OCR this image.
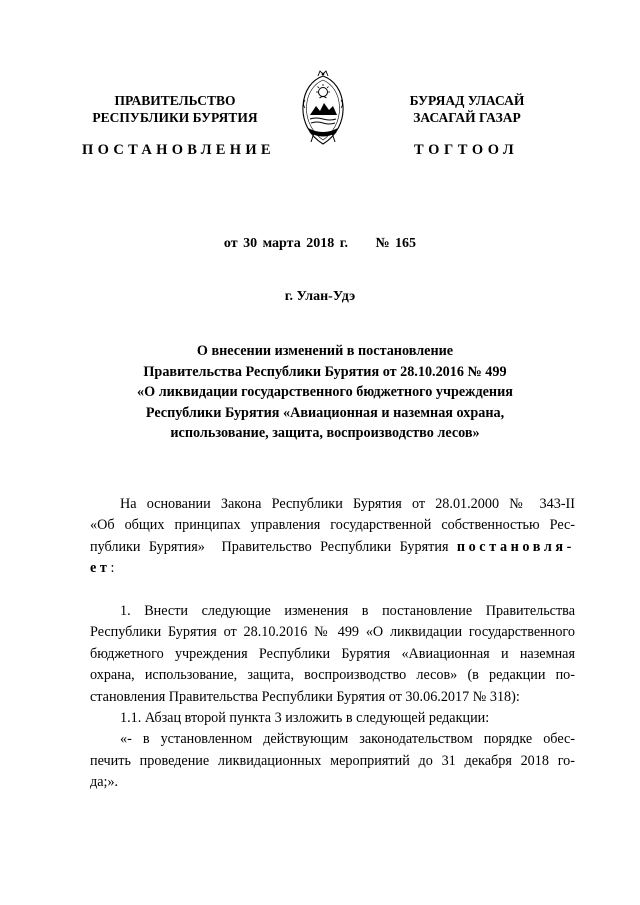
ПРАВИТЕЛЬСТВО
РЕСПУБЛИКИ БУРЯТИЯ
БУРЯАД УЛАСАЙ
ЗАСАГАЙ ГАЗАР
ПОСТАНОВЛЕНИЕ	ТОГТООЛ
от 30 марта 2018 г.     № 165
г. Улан-Удэ
О внесении изменений в постановление
Правительства Республики Бурятия от 28.10.2016 № 499
«О ликвидации государственного бюджетного учреждения
Республики Бурятия «Авиационная и наземная охрана,
использование, защита, воспроизводство лесов»
На основании Закона Республики Бурятия от 28.01.2000 № 343-II
«Об общих принципах управления государственной собственностью Рес-
публики Бурятия»  Правительство Республики Бурятия постановля-
ет:
1. Внести следующие изменения в постановление Правительства
Республики Бурятия от 28.10.2016 № 499 «О ликвидации государственного
бюджетного учреждения Республики Бурятия «Авиационная и наземная
охрана, использование, защита, воспроизводство лесов» (в редакции по-
становления Правительства Республики Бурятия от 30.06.2017 № 318):
1.1. Абзац второй пункта 3 изложить в следующей редакции:
«- в установленном действующим законодательством порядке обес-
печить проведение ликвидационных мероприятий до 31 декабря 2018 го-
да;».
